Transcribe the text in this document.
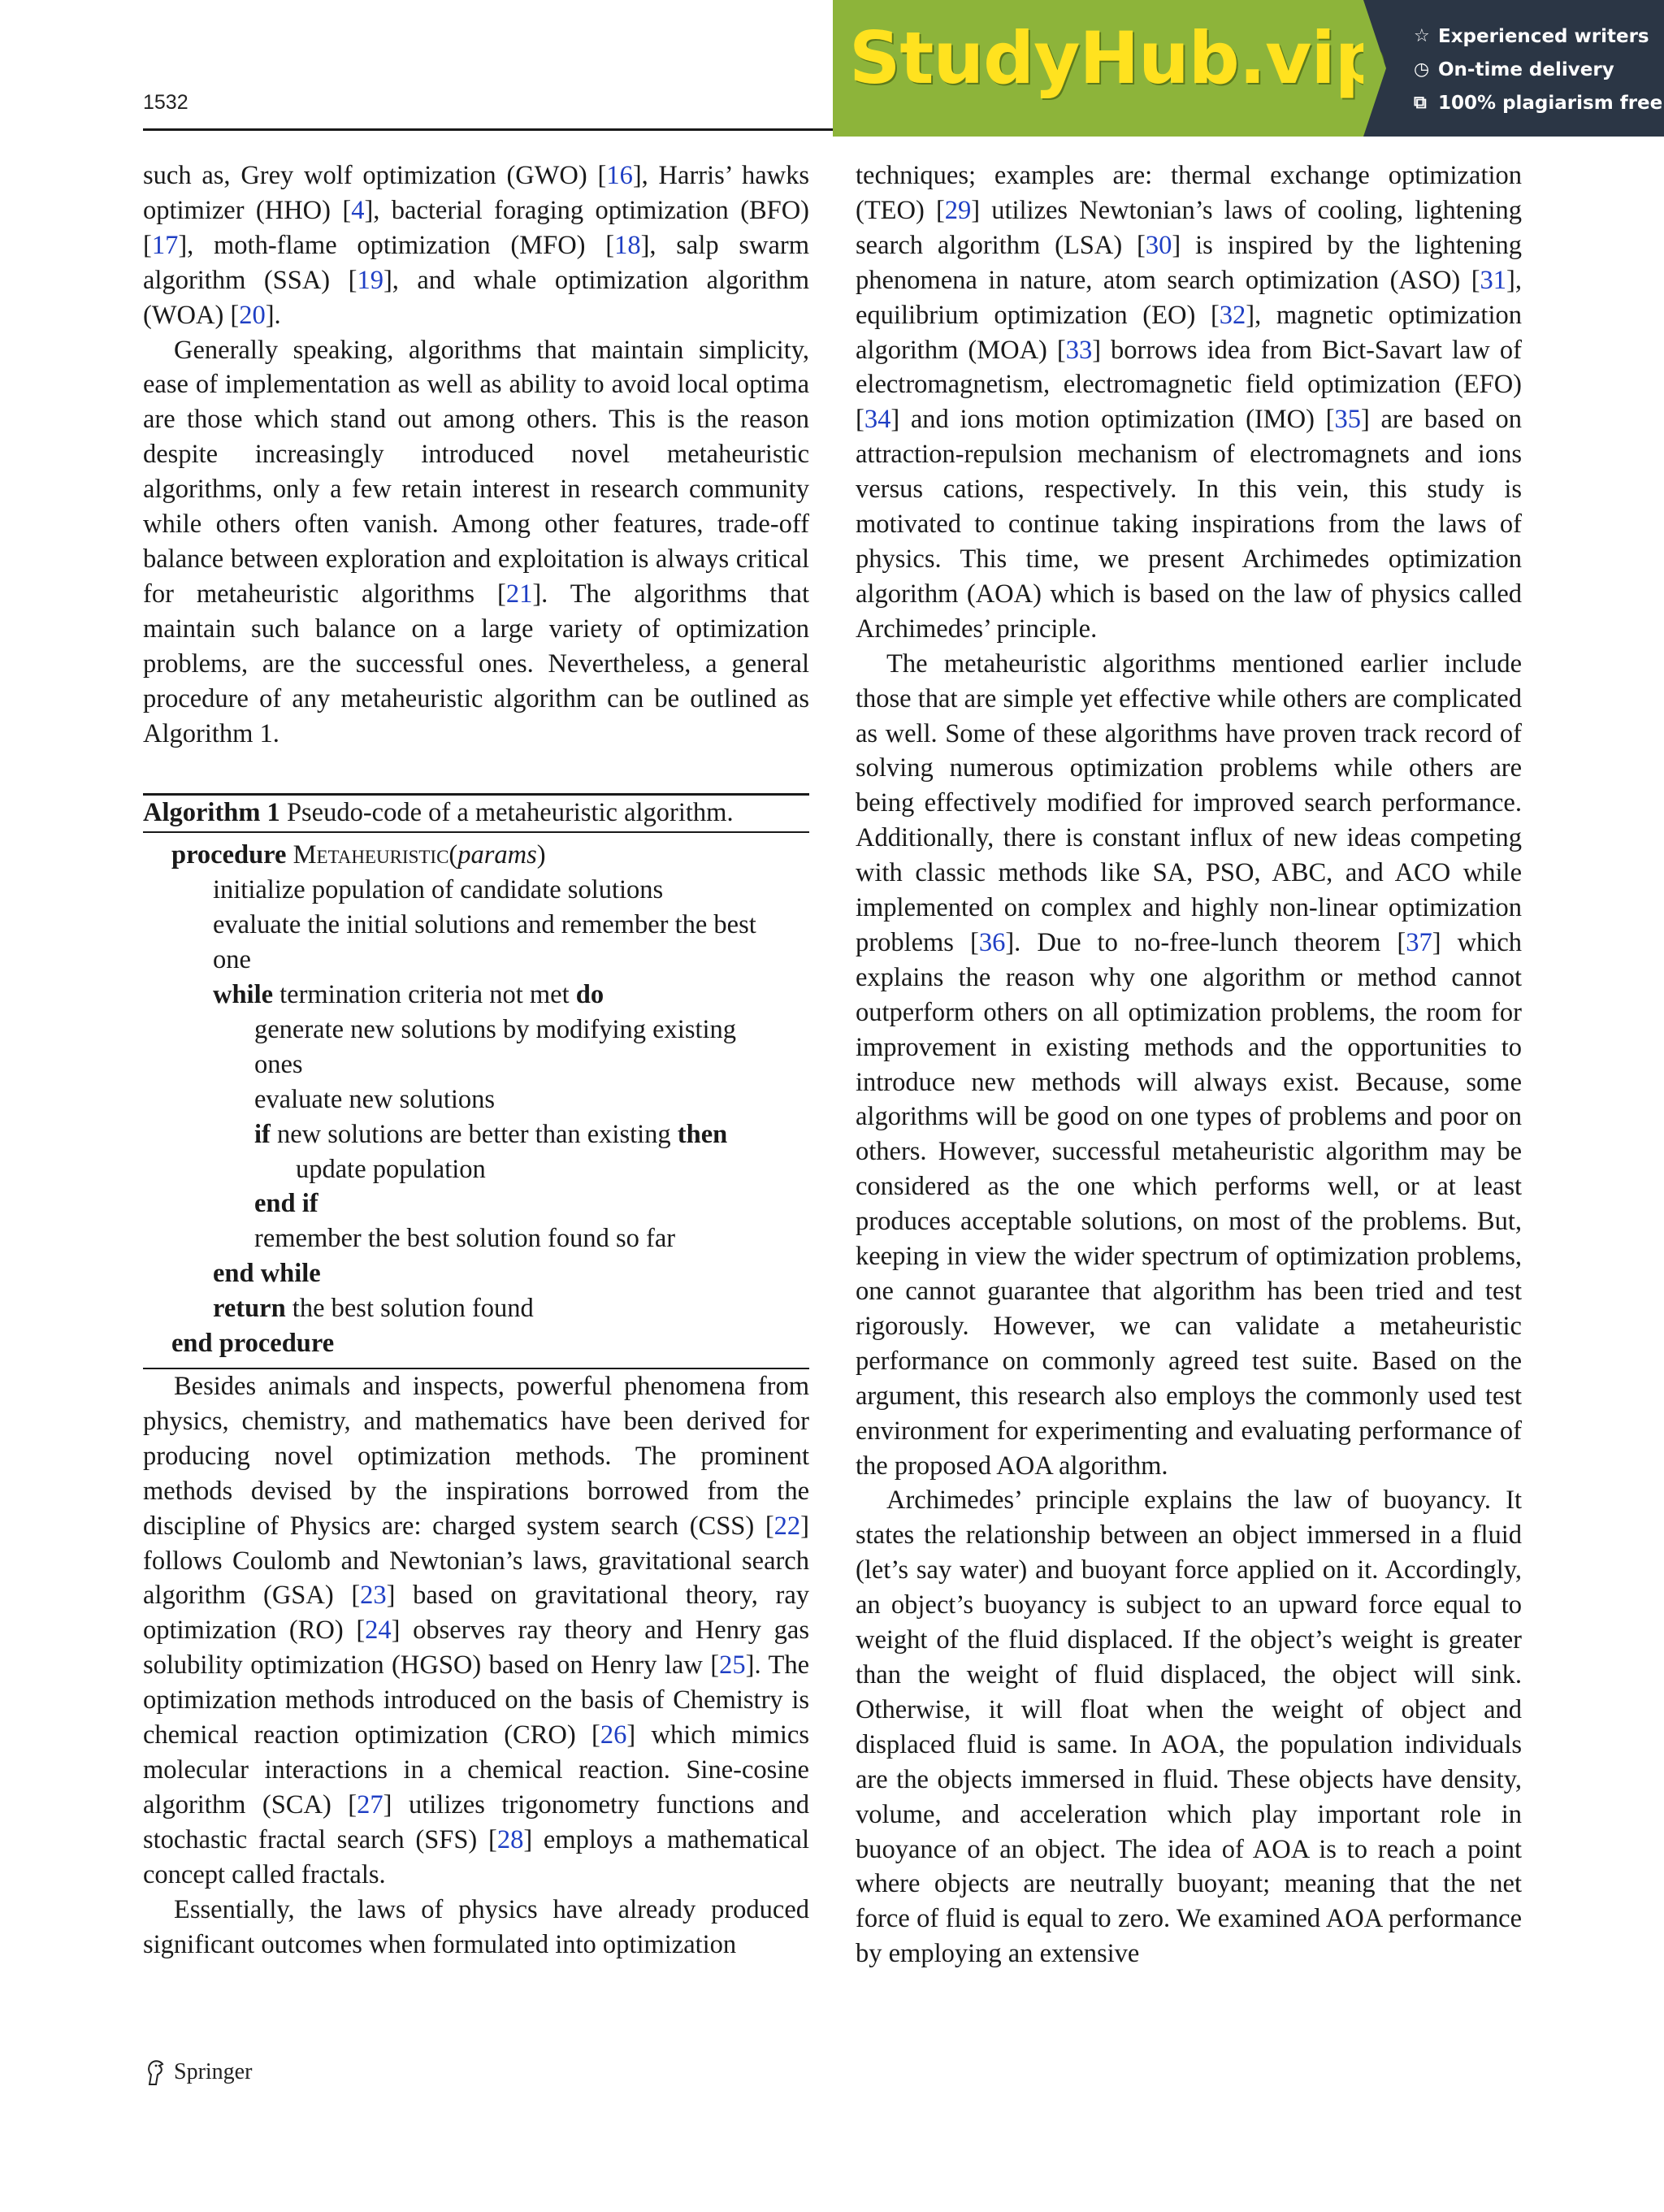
1532
StudyHub.vip ☆ Experienced writers
◷ On-time delivery
⧉ 100% plagiarism free

such as, Grey wolf optimization (GWO) [16], Harris’ hawks optimizer (HHO) [4], bacterial foraging optimization (BFO) [17], moth-flame optimization (MFO) [18], salp swarm algorithm (SSA) [19], and whale optimization algorithm (WOA) [20].

Generally speaking, algorithms that maintain simplicity, ease of implementation as well as ability to avoid local optima are those which stand out among others. This is the reason despite increasingly introduced novel metaheuristic algorithms, only a few retain interest in research community while others often vanish. Among other features, trade-off balance between exploration and exploitation is always critical for metaheuristic algorithms [21]. The algorithms that maintain such balance on a large variety of optimization problems, are the successful ones. Nevertheless, a general procedure of any metaheuristic algorithm can be outlined as Algorithm 1.

Algorithm 1 Pseudo-code of a metaheuristic algorithm.
procedure Metaheuristic(params)
initialize population of candidate solutions
evaluate the initial solutions and remember the best
one
while termination criteria not met do
generate new solutions by modifying existing
ones
evaluate new solutions
if new solutions are better than existing then
update population
end if
remember the best solution found so far
end while
return the best solution found
end procedure

Besides animals and inspects, powerful phenomena from physics, chemistry, and mathematics have been derived for producing novel optimization methods. The prominent methods devised by the inspirations borrowed from the discipline of Physics are: charged system search (CSS) [22] follows Coulomb and Newtonian’s laws, gravitational search algorithm (GSA) [23] based on gravitational theory, ray optimization (RO) [24] observes ray theory and Henry gas solubility optimization (HGSO) based on Henry law [25]. The optimization methods introduced on the basis of Chemistry is chemical reaction optimization (CRO) [26] which mimics molecular interactions in a chemical reaction. Sine-cosine algorithm (SCA) [27] utilizes trigonometry functions and stochastic fractal search (SFS) [28] employs a mathematical concept called fractals.

Essentially, the laws of physics have already produced significant outcomes when formulated into optimization

techniques; examples are: thermal exchange optimization (TEO) [29] utilizes Newtonian’s laws of cooling, lightening search algorithm (LSA) [30] is inspired by the lightening phenomena in nature, atom search optimization (ASO) [31], equilibrium optimization (EO) [32], magnetic optimization algorithm (MOA) [33] borrows idea from Bict-Savart law of electromagnetism, electromagnetic field optimization (EFO) [34] and ions motion optimization (IMO) [35] are based on attraction-repulsion mechanism of electromagnets and ions versus cations, respectively. In this vein, this study is motivated to continue taking inspirations from the laws of physics. This time, we present Archimedes optimization algorithm (AOA) which is based on the law of physics called Archimedes’ principle.

The metaheuristic algorithms mentioned earlier include those that are simple yet effective while others are complicated as well. Some of these algorithms have proven track record of solving numerous optimization problems while others are being effectively modified for improved search performance. Additionally, there is constant influx of new ideas competing with classic methods like SA, PSO, ABC, and ACO while implemented on complex and highly non-linear optimization problems [36]. Due to no-free-lunch theorem [37] which explains the reason why one algorithm or method cannot outperform others on all optimization problems, the room for improvement in existing methods and the opportunities to introduce new methods will always exist. Because, some algorithms will be good on one types of problems and poor on others. However, successful metaheuristic algorithm may be considered as the one which performs well, or at least produces acceptable solutions, on most of the problems. But, keeping in view the wider spectrum of optimization problems, one cannot guarantee that algorithm has been tried and test rigorously. However, we can validate a metaheuristic performance on commonly agreed test suite. Based on the argument, this research also employs the commonly used test environment for experimenting and evaluating performance of the proposed AOA algorithm.

Archimedes’ principle explains the law of buoyancy. It states the relationship between an object immersed in a fluid (let’s say water) and buoyant force applied on it. Accordingly, an object’s buoyancy is subject to an upward force equal to weight of the fluid displaced. If the object’s weight is greater than the weight of fluid displaced, the object will sink. Otherwise, it will float when the weight of object and displaced fluid is same. In AOA, the population individuals are the objects immersed in fluid. These objects have density, volume, and acceleration which play important role in buoyance of an object. The idea of AOA is to reach a point where objects are neutrally buoyant; meaning that the net force of fluid is equal to zero. We examined AOA performance by employing an extensive

Springer
